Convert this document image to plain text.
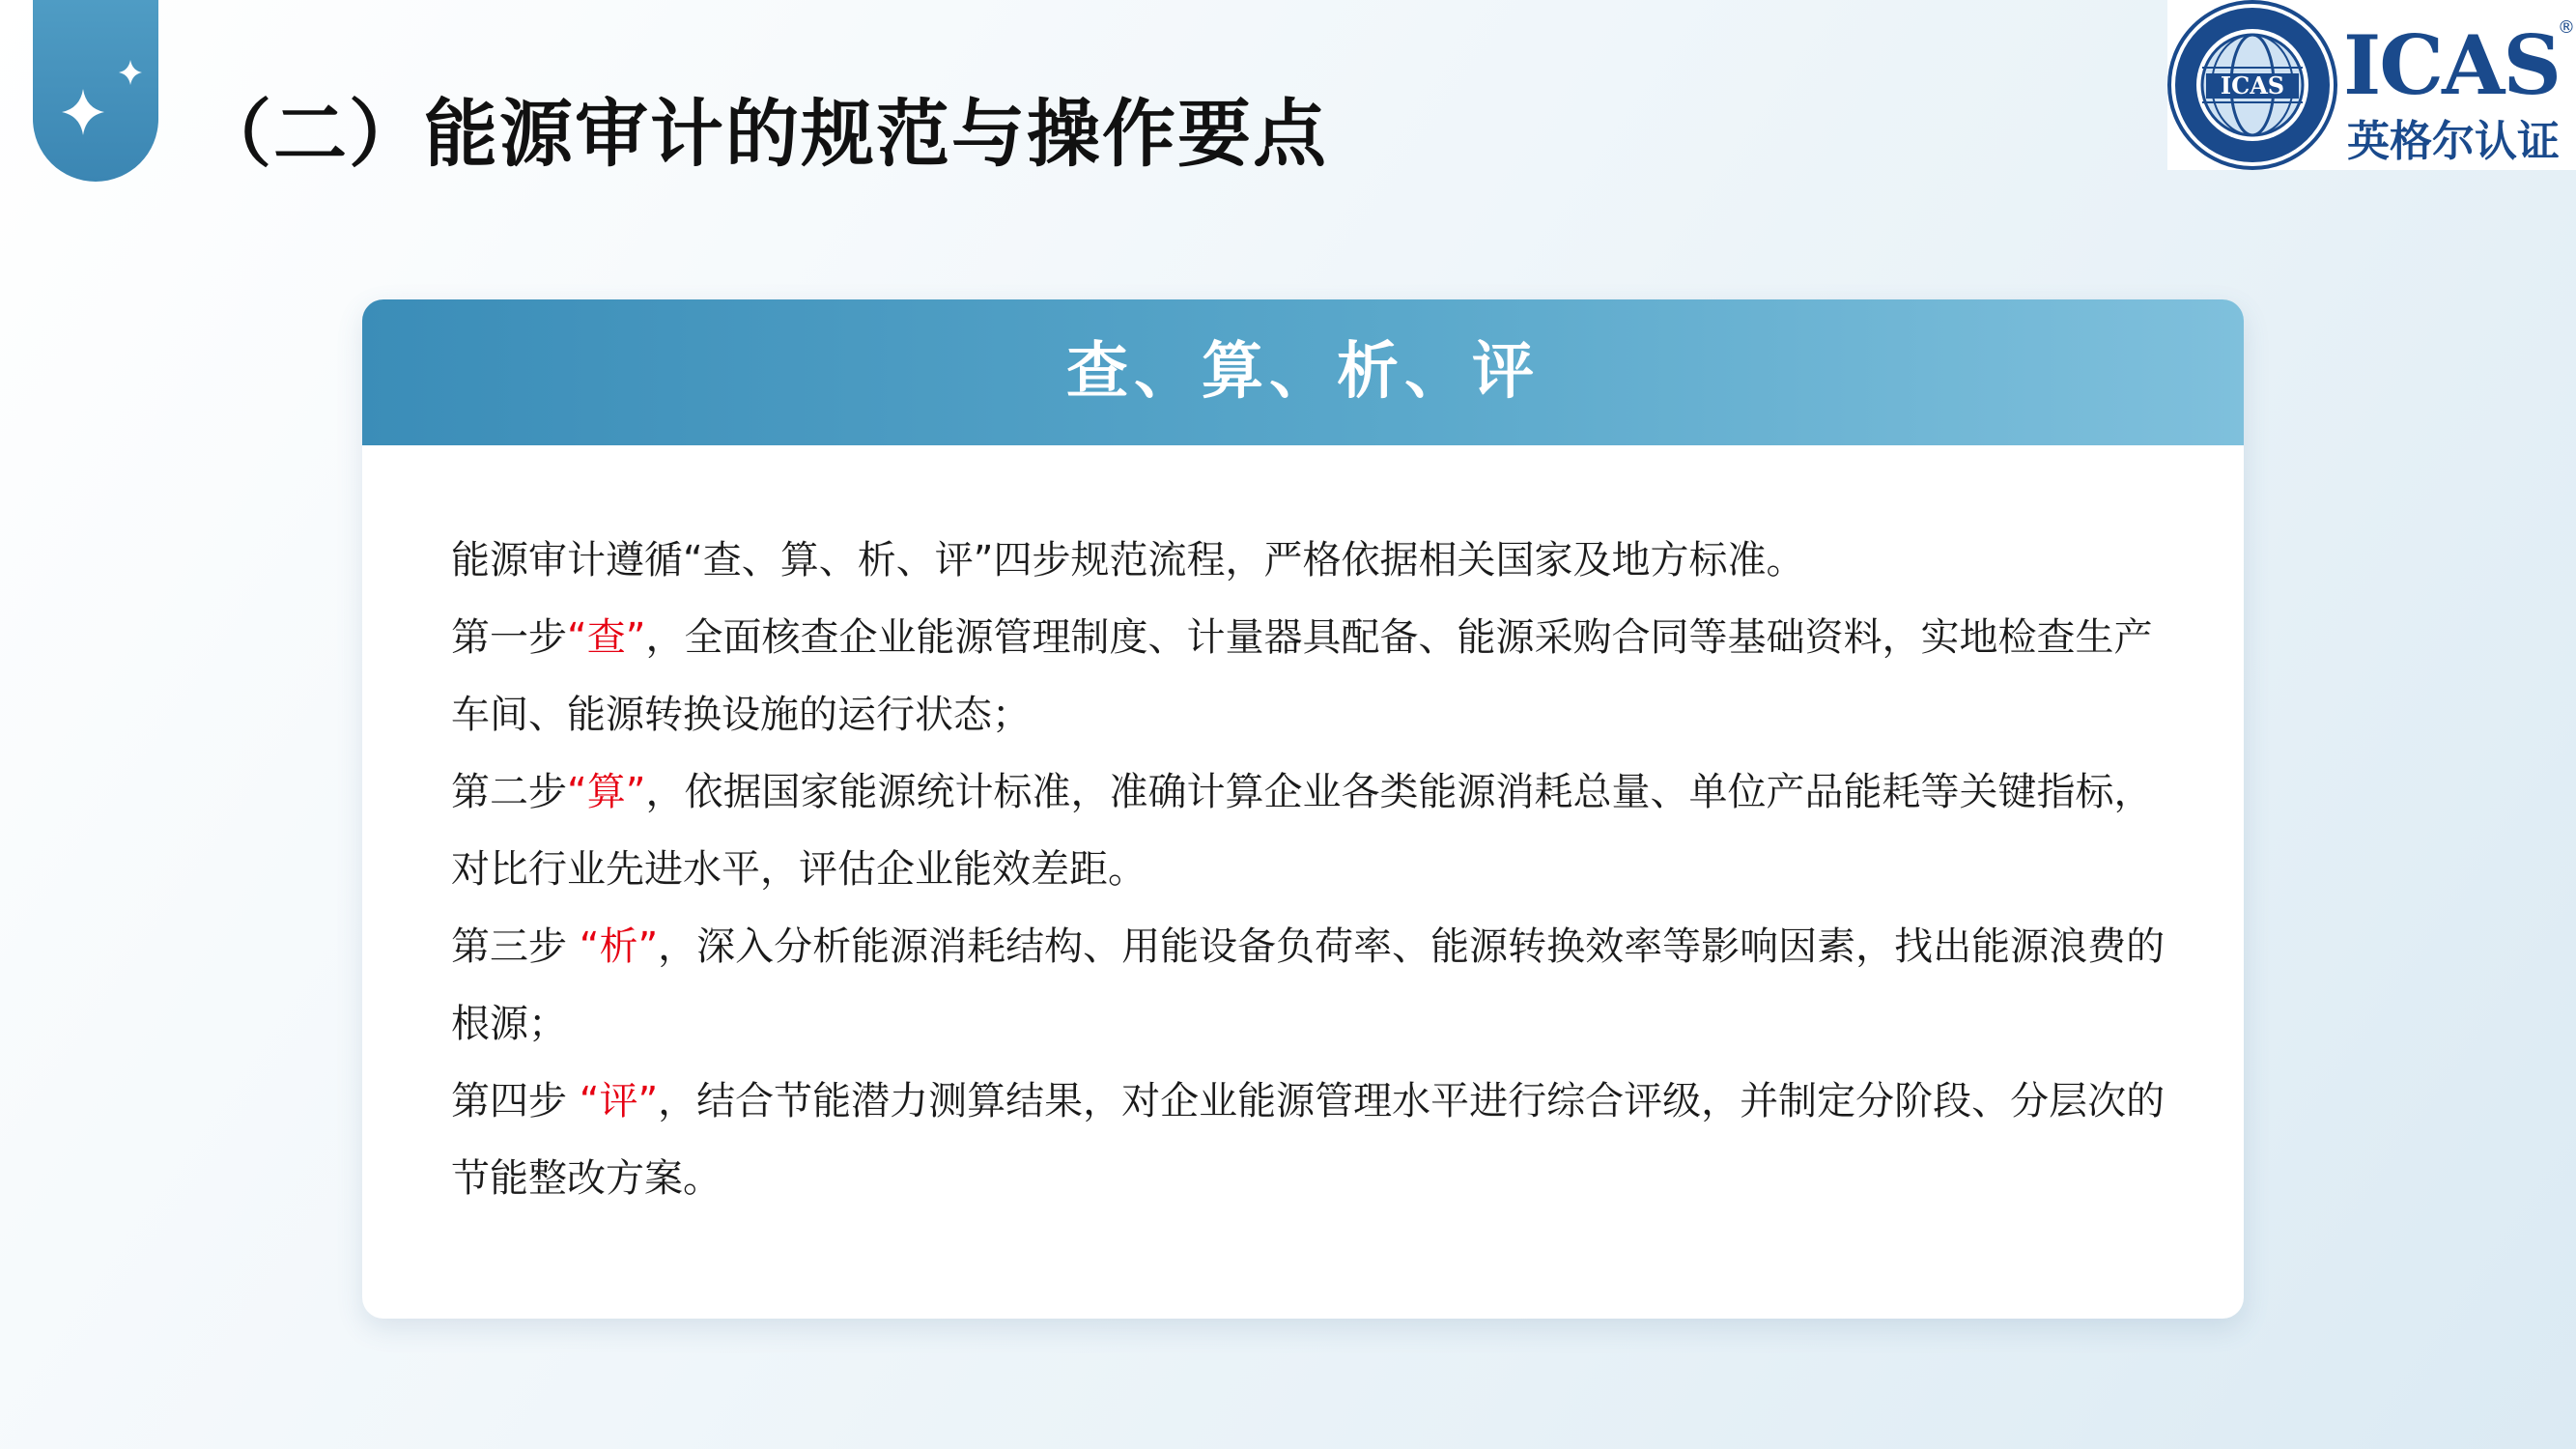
（二）能源审计的规范与操作要点
ICAS ICAS
®
英格尔认证
查、算、析、评

能源审计遵循“查、算、析、评”四步规范流程，严格依据相关国家及地方标准。

第一步“查”，全面核查企业能源管理制度、计量器具配备、能源采购合同等基础资料，实地检查生产车间、能源转换设施的运行状态；

第二步“算”，依据国家能源统计标准，准确计算企业各类能源消耗总量、单位产品能耗等关键指标，对比行业先进水平，评估企业能效差距。

第三步 “析”，深入分析能源消耗结构、用能设备负荷率、能源转换效率等影响因素，找出能源浪费的根源；

第四步 “评”，结合节能潜力测算结果，对企业能源管理水平进行综合评级，并制定分阶段、分层次的节能整改方案。
